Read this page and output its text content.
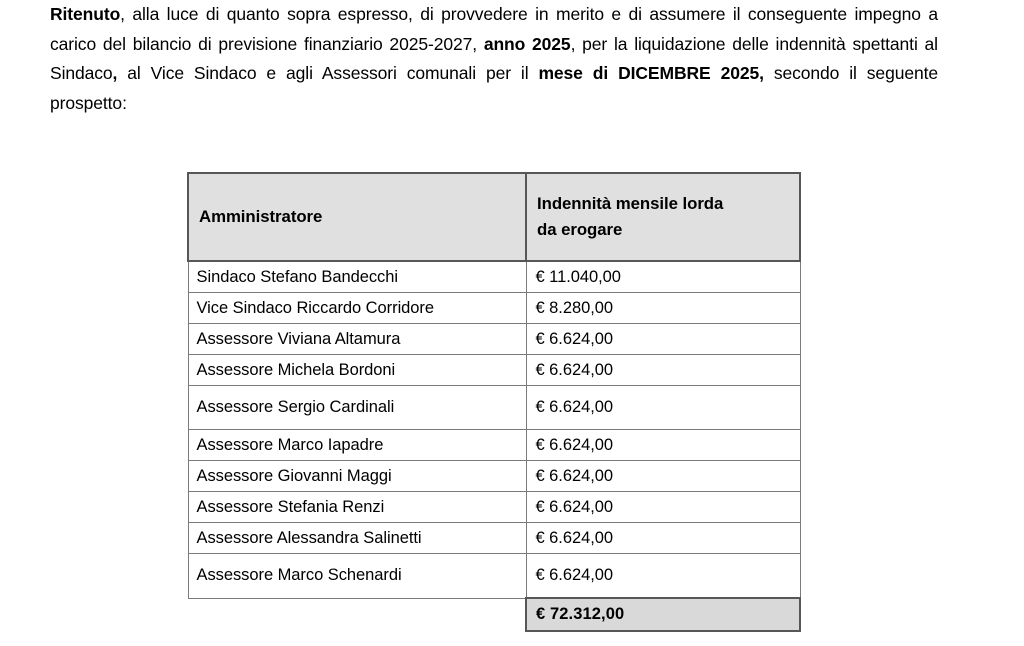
Ritenuto, alla luce di quanto sopra espresso, di provvedere in merito e di assumere il conseguente impegno a carico del bilancio di previsione finanziario 2025-2027, anno 2025, per la liquidazione delle indennità spettanti al Sindaco, al Vice Sindaco e agli Assessori comunali per il mese di DICEMBRE 2025, secondo il seguente prospetto:

Amministratore	Indennità mensile lorda
da erogare

Sindaco Stefano Bandecchi	€ 11.040,00
Vice Sindaco Riccardo Corridore	€ 8.280,00
Assessore Viviana Altamura	€ 6.624,00
Assessore Michela Bordoni	€ 6.624,00
Assessore Sergio Cardinali	€ 6.624,00
Assessore Marco Iapadre	€ 6.624,00
Assessore Giovanni Maggi	€ 6.624,00
Assessore Stefania Renzi	€ 6.624,00
Assessore Alessandra Salinetti	€ 6.624,00
Assessore Marco Schenardi	€ 6.624,00
	€ 72.312,00
